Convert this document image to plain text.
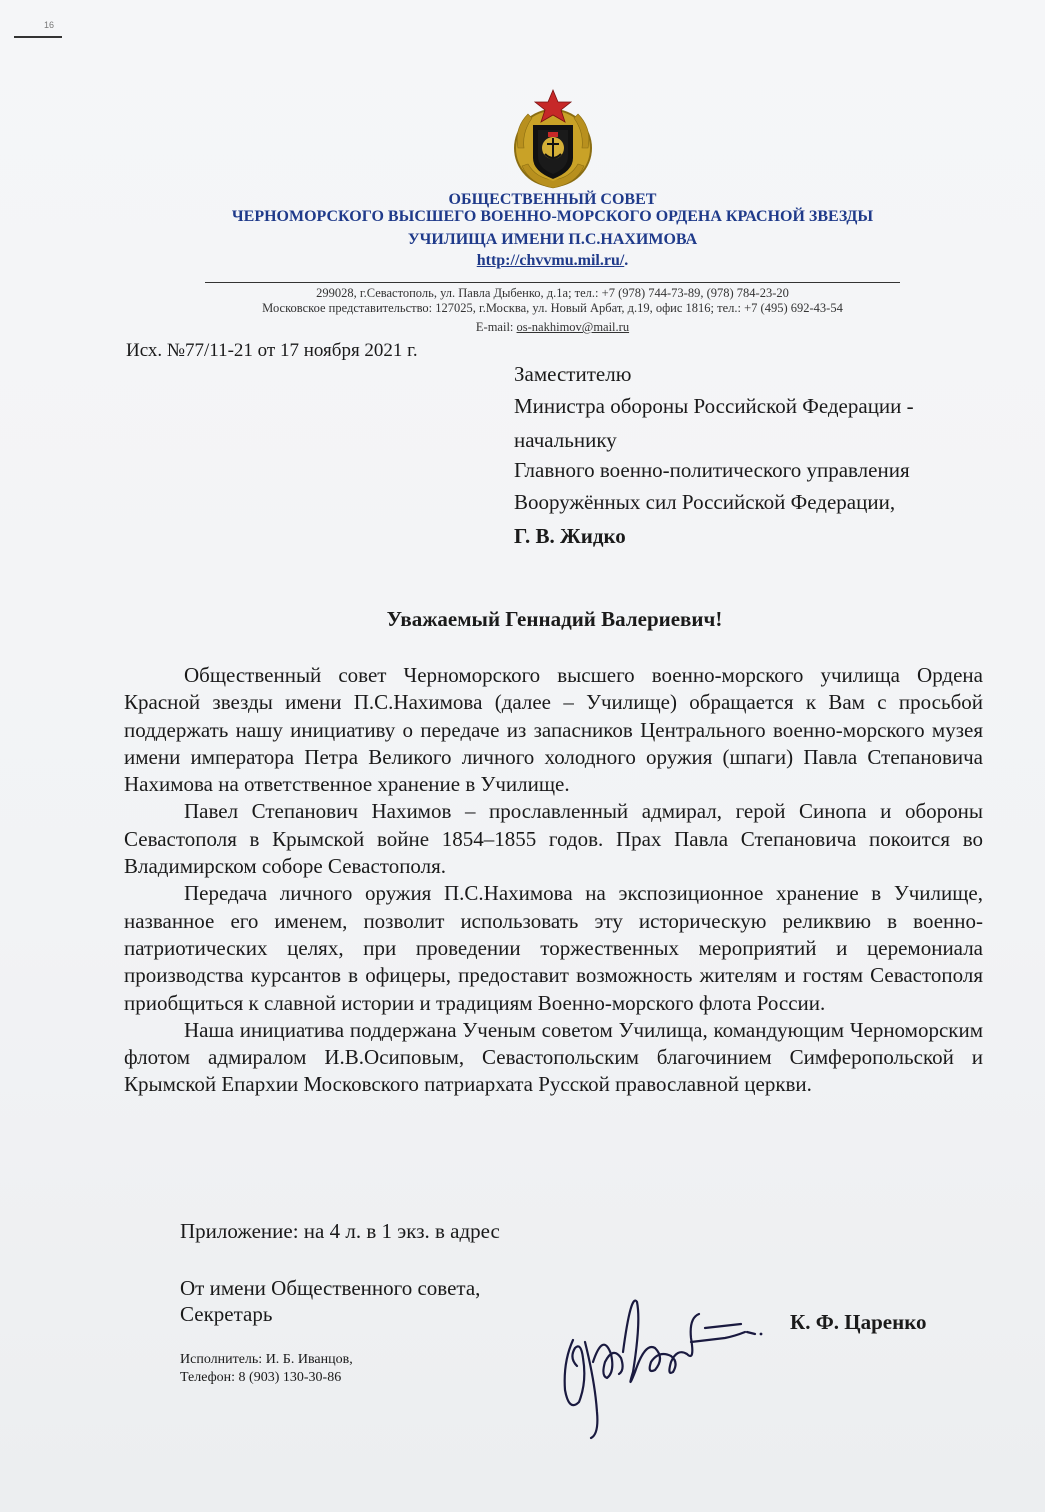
16
ОБЩЕСТВЕННЫЙ СОВЕТ
ЧЕРНОМОРСКОГО ВЫСШЕГО ВОЕННО-МОРСКОГО ОРДЕНА КРАСНОЙ ЗВЕЗДЫ
УЧИЛИЩА ИМЕНИ П.С.НАХИМОВА
http://chvvmu.mil.ru/.
299028, г.Севастополь, ул. Павла Дыбенко, д.1а; тел.: +7 (978) 744-73-89, (978) 784-23-20
Московское представительство: 127025, г.Москва, ул. Новый Арбат, д.19, офис 1816; тел.: +7 (495) 692-43-54
E-mail: os-nakhimov@mail.ru
Исх. №77/11-21 от 17 ноября 2021 г.
Заместителю
Министра обороны Российской Федерации -
начальнику
Главного военно-политического управления
Вооружённых сил Российской Федерации,
Г. В. Жидко
Уважаемый Геннадий Валериевич!

Общественный совет Черноморского высшего военно-морского училища Ордена Красной звезды имени П.С.Нахимова (далее – Училище) обращается к Вам с просьбой поддержать нашу инициативу о передаче из запасников Центрального военно-морского музея имени императора Петра Великого личного холодного оружия (шпаги) Павла Степановича Нахимова на ответственное хранение в Училище.

Павел Степанович Нахимов – прославленный адмирал, герой Синопа и обороны Севастополя в Крымской войне 1854–1855 годов. Прах Павла Степановича покоится во Владимирском соборе Севастополя.

Передача личного оружия П.С.Нахимова на экспозиционное хранение в Училище, названное его именем, позволит использовать эту историческую реликвию в военно-патриотических целях, при проведении торжественных мероприятий и церемониала производства курсантов в офицеры, предоставит возможность жителям и гостям Севастополя приобщиться к славной истории и традициям Военно-морского флота России.

Наша инициатива поддержана Ученым советом Училища, командующим Черноморским флотом адмиралом И.В.Осиповым, Севастопольским благочинием Симферопольской и Крымской Епархии Московского патриархата Русской православной церкви.

Приложение: на 4 л. в 1 экз. в адрес
От имени Общественного совета,
Секретарь	К. Ф. Царенко
Исполнитель: И. Б. Иванцов,
Телефон: 8 (903) 130-30-86
